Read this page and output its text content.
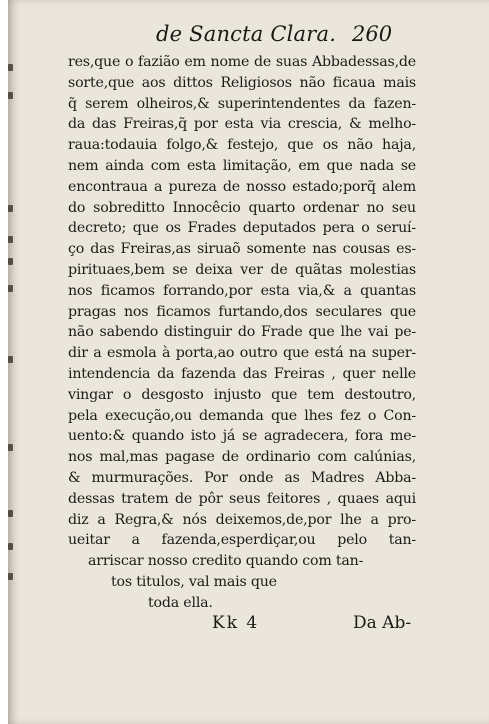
de Sancta Clara. 260
res,que o fazião em nome de suas Abbadessas,de
sorte,que aos dittos Religiosos não ficaua mais
q̃ serem olheiros,& superintendentes da fazen-
da das Freiras,q̃ por esta via crescia, & melho-
raua:todauia folgo,& festejo, que os não haja,
nem ainda com esta limitação, em que nada se
encontraua a pureza de nosso estado;porq̃ alem
do sobreditto Innocêcio quarto ordenar no seu
decreto; que os Frades deputados pera o seruí-
ço das Freiras,as siruaõ somente nas cousas es-
pirituaes,bem se deixa ver de quãtas molestias
nos ficamos forrando,por esta via,& a quantas
pragas nos ficamos furtando,dos seculares que
não sabendo distinguir do Frade que lhe vai pe-
dir a esmola à porta,ao outro que está na super-
intendencia da fazenda das Freiras , quer nelle
vingar o desgosto injusto que tem destoutro,
pela execução,ou demanda que lhes fez o Con-
uento:& quando isto já se agradecera, fora me-
nos mal,mas pagase de ordinario com calúnias,
& murmurações. Por onde as Madres Abba-
dessas tratem de pôr seus feitores , quaes aqui
diz a Regra,& nós deixemos,de,por lhe a pro-
ueitar a fazenda,esperdiçar,ou pelo tan-
arriscar nosso credito quando com tan-
tos titulos, val mais que
toda ella.
Kk 4	Da Ab-
